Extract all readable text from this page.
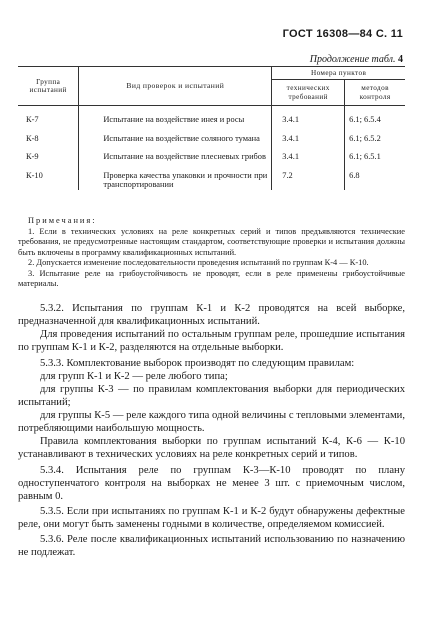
ГОСТ 16308—84 С. 11
Продолжение табл. 4
Группа испытаний	Вид проверок и испытаний	Номера пунктов	
		технических требований	методов контроля
К-7	Испытание на воздействие инея и росы	3.4.1	6.1; 6.5.4
К-8	Испытание на воздействие соляного тумана	3.4.1	6.1; 6.5.2
К-9	Испытание на воздействие плесневых грибов	3.4.1	6.1; 6.5.1
К-10	Проверка качества упаковки и прочности при транспортировании	7.2	6.8
Примечания:

1. Если в технических условиях на реле конкретных серий и типов предъявляются технические требования, не предусмотренные настоящим стандартом, соответствующие проверки и испытания должны быть включены в программу квалификационных испытаний.

2. Допускается изменение последовательности проведения испытаний по группам К-4 — К-10.

3. Испытание реле на грибоустойчивость не проводят, если в реле применены грибоустойчивые материалы.

5.3.2. Испытания по группам К-1 и К-2 проводятся на всей выборке, предназначенной для квалификационных испытаний.

Для проведения испытаний по остальным группам реле, прошедшие испытания по группам К-1 и К-2, разделяются на отдельные выборки.

5.3.3. Комплектование выборок производят по следующим правилам:

для групп К-1 и К-2 — реле любого типа;

для группы К-3 — по правилам комплектования выборки для периодических испытаний;

для группы К-5 — реле каждого типа одной величины с тепловыми элементами, потребляющими наибольшую мощность.

Правила комплектования выборки по группам испытаний К-4, К-6 — К-10 устанавливают в технических условиях на реле конкретных серий и типов.

5.3.4. Испытания реле по группам К-3—К-10 проводят по плану одноступенчатого контроля на выборках не менее 3 шт. с приемочным числом, равным 0.

5.3.5. Если при испытаниях по группам К-1 и К-2 будут обнаружены дефектные реле, они могут быть заменены годными в количестве, определяемом комиссией.

5.3.6. Реле после квалификационных испытаний использованию по назначению не подлежат.
